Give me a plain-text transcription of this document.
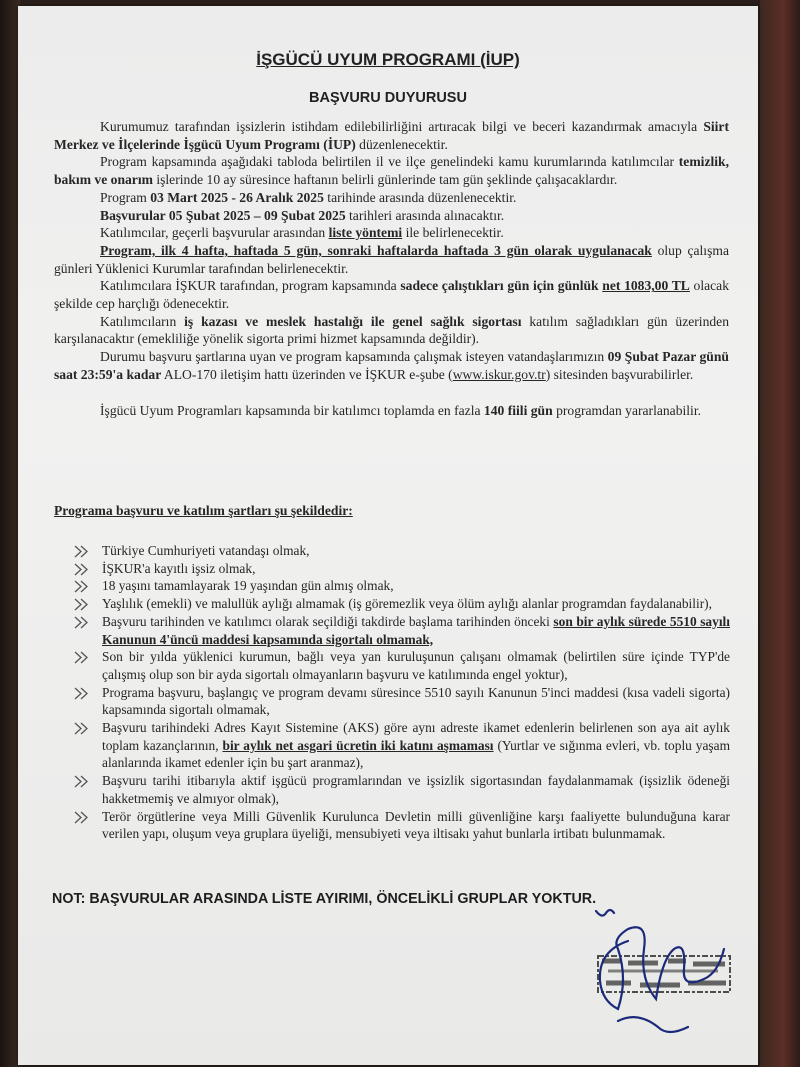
İŞGÜCÜ UYUM PROGRAMI (İUP)
BAŞVURU DUYURUSU

Kurumumuz tarafından işsizlerin istihdam edilebilirliğini artıracak bilgi ve beceri kazandırmak amacıyla Siirt Merkez ve İlçelerinde İşgücü Uyum Programı (İUP) düzenlenecektir.

Program kapsamında aşağıdaki tabloda belirtilen il ve ilçe genelindeki kamu kurumlarında katılımcılar temizlik, bakım ve onarım işlerinde 10 ay süresince haftanın belirli günlerinde tam gün şeklinde çalışacaklardır.

Program 03 Mart 2025 - 26 Aralık 2025 tarihinde arasında düzenlenecektir.

Başvurular 05 Şubat 2025 – 09 Şubat 2025 tarihleri arasında alınacaktır.

Katılımcılar, geçerli başvurular arasından liste yöntemi ile belirlenecektir.

Program, ilk 4 hafta, haftada 5 gün, sonraki haftalarda haftada 3 gün olarak uygulanacak olup çalışma günleri Yüklenici Kurumlar tarafından belirlenecektir.

Katılımcılara İŞKUR tarafından, program kapsamında sadece çalıştıkları gün için günlük net 1083,00 TL olacak şekilde cep harçlığı ödenecektir.

Katılımcıların iş kazası ve meslek hastalığı ile genel sağlık sigortası katılım sağladıkları gün üzerinden karşılanacaktır (emekliliğe yönelik sigorta primi hizmet kapsamında değildir).

Durumu başvuru şartlarına uyan ve program kapsamında çalışmak isteyen vatandaşlarımızın 09 Şubat Pazar günü saat 23:59'a kadar ALO-170 iletişim hattı üzerinden ve İŞKUR e-şube (www.iskur.gov.tr) sitesinden başvurabilirler.

İşgücü Uyum Programları kapsamında bir katılımcı toplamda en fazla 140 fiili gün programdan yararlanabilir.

Programa başvuru ve katılım şartları şu şekildedir:
Türkiye Cumhuriyeti vatandaşı olmak,
İŞKUR'a kayıtlı işsiz olmak,
18 yaşını tamamlayarak 19 yaşından gün almış olmak,
Yaşlılık (emekli) ve malullük aylığı almamak (iş göremezlik veya ölüm aylığı alanlar programdan faydalanabilir),
Başvuru tarihinden ve katılımcı olarak seçildiği takdirde başlama tarihinden önceki son bir aylık sürede 5510 sayılı Kanunun 4'üncü maddesi kapsamında sigortalı olmamak,
Son bir yılda yüklenici kurumun, bağlı veya yan kuruluşunun çalışanı olmamak (belirtilen süre içinde TYP'de çalışmış olup son bir ayda sigortalı olmayanların başvuru ve katılımında engel yoktur),
Programa başvuru, başlangıç ve program devamı süresince 5510 sayılı Kanunun 5'inci maddesi (kısa vadeli sigorta) kapsamında sigortalı olmamak,
Başvuru tarihindeki Adres Kayıt Sistemine (AKS) göre aynı adreste ikamet edenlerin belirlenen son aya ait aylık toplam kazançlarının, bir aylık net asgari ücretin iki katını aşmaması (Yurtlar ve sığınma evleri, vb. toplu yaşam alanlarında ikamet edenler için bu şart aranmaz),
Başvuru tarihi itibarıyla aktif işgücü programlarından ve işsizlik sigortasından faydalanmamak (işsizlik ödeneği hakketmemiş ve almıyor olmak),
Terör örgütlerine veya Milli Güvenlik Kurulunca Devletin milli güvenliğine karşı faaliyette bulunduğuna karar verilen yapı, oluşum veya gruplara üyeliği, mensubiyeti veya iltisakı yahut bunlarla irtibatı bulunmamak.
NOT: BAŞVURULAR ARASINDA LİSTE AYIRIMI, ÖNCELİKLİ GRUPLAR YOKTUR.
